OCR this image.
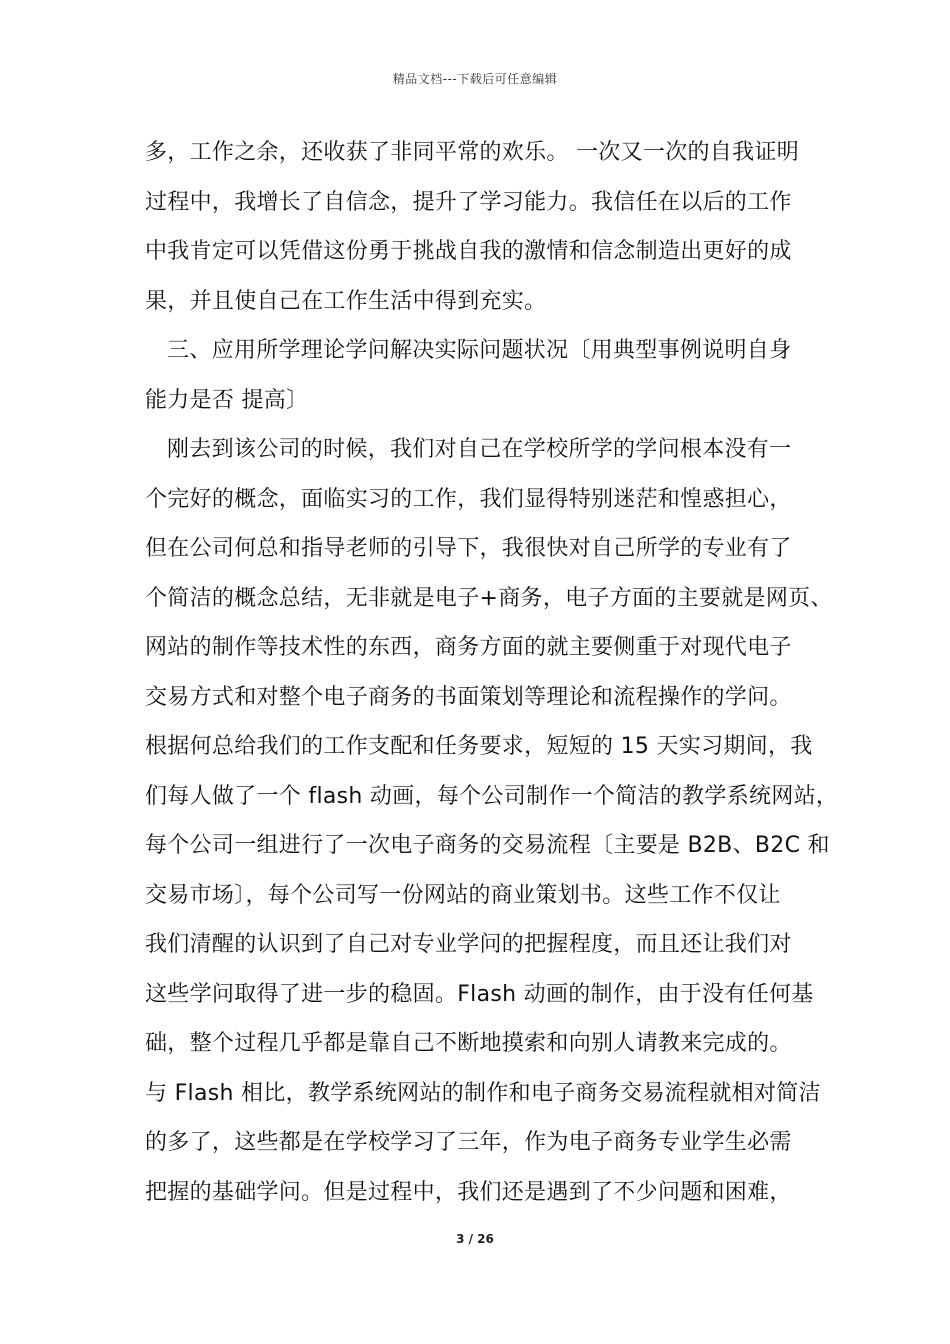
精品文档---下载后可任意编辑
多，工作之余，还收获了非同平常的欢乐。 一次又一次的自我证明
过程中，我增长了自信念，提升了学习能力。我信任在以后的工作
中我肯定可以凭借这份勇于挑战自我的激情和信念制造出更好的成
果，并且使自己在工作生活中得到充实。
三、应用所学理论学问解决实际问题状况〔用典型事例说明自身
能力是否 提高〕
刚去到该公司的时候，我们对自己在学校所学的学问根本没有一
个完好的概念，面临实习的工作，我们显得特别迷茫和惶惑担心，
但在公司何总和指导老师的引导下，我很快对自己所学的专业有了
个简洁的概念总结，无非就是电子+商务，电子方面的主要就是网页、
网站的制作等技术性的东西，商务方面的就主要侧重于对现代电子
交易方式和对整个电子商务的书面策划等理论和流程操作的学问。
根据何总给我们的工作支配和任务要求，短短的 15 天实习期间，我
们每人做了一个 flash 动画，每个公司制作一个简洁的教学系统网站，
每个公司一组进行了一次电子商务的交易流程〔主要是 B2B、B2C 和
交易市场〕，每个公司写一份网站的商业策划书。这些工作不仅让
我们清醒的认识到了自己对专业学问的把握程度，而且还让我们对
这些学问取得了进一步的稳固。Flash 动画的制作，由于没有任何基
础，整个过程几乎都是靠自己不断地摸索和向别人请教来完成的。
与 Flash 相比，教学系统网站的制作和电子商务交易流程就相对简洁
的多了，这些都是在学校学习了三年，作为电子商务专业学生必需
把握的基础学问。但是过程中，我们还是遇到了不少问题和困难，
3 / 26
